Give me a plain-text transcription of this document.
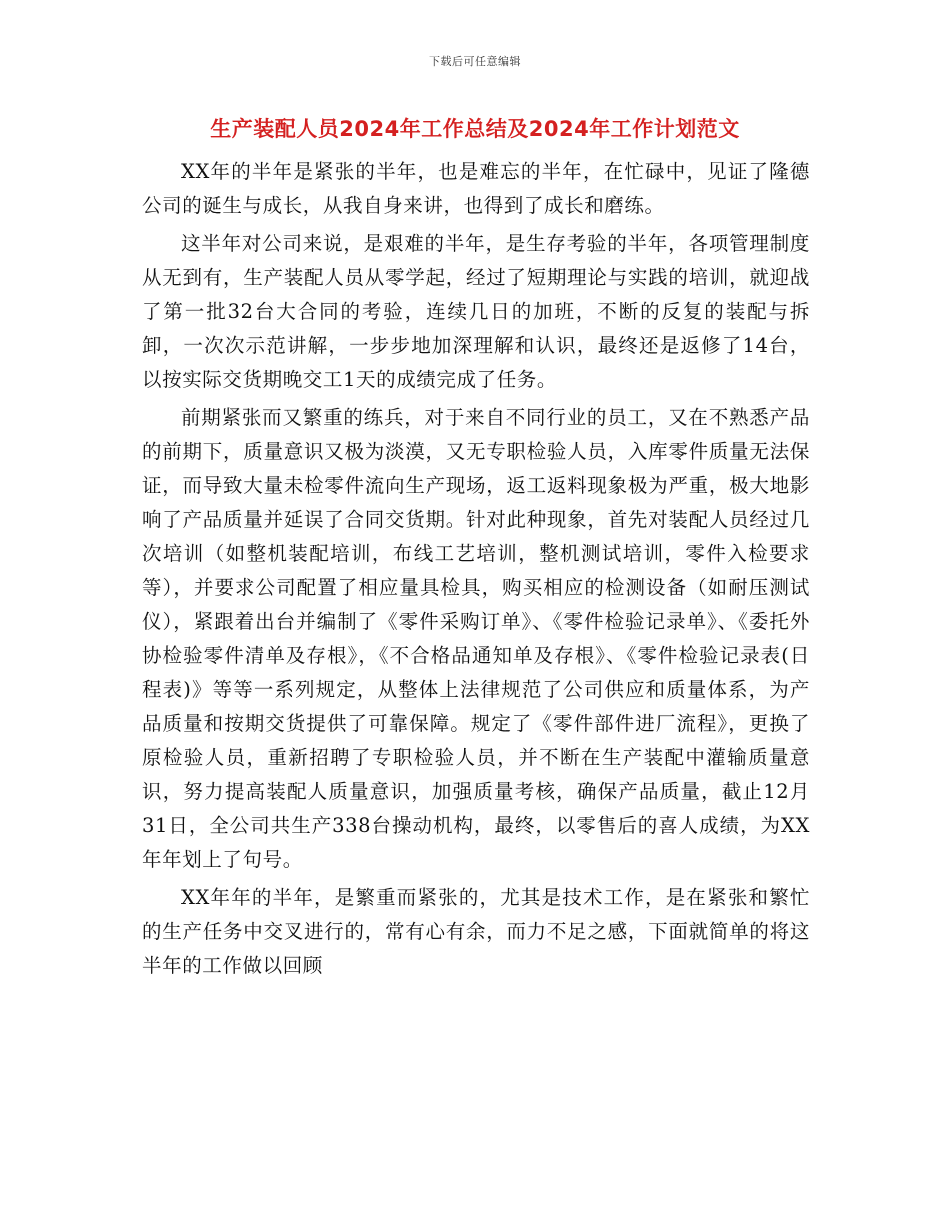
下载后可任意编辑
生产装配人员2024年工作总结及2024年工作计划范文

XX年的半年是紧张的半年，也是难忘的半年，在忙碌中，见证了隆德公司的诞生与成长，从我自身来讲，也得到了成长和磨练。

这半年对公司来说，是艰难的半年，是生存考验的半年，各项管理制度从无到有，生产装配人员从零学起，经过了短期理论与实践的培训，就迎战了第一批32台大合同的考验，连续几日的加班，不断的反复的装配与拆卸，一次次示范讲解，一步步地加深理解和认识，最终还是返修了14台，以按实际交货期晚交工1天的成绩完成了任务。

前期紧张而又繁重的练兵，对于来自不同行业的员工，又在不熟悉产品的前期下，质量意识又极为淡漠，又无专职检验人员，入库零件质量无法保证，而导致大量未检零件流向生产现场，返工返料现象极为严重，极大地影响了产品质量并延误了合同交货期。针对此种现象，首先对装配人员经过几次培训（如整机装配培训，布线工艺培训，整机测试培训，零件入检要求等），并要求公司配置了相应量具检具，购买相应的检测设备（如耐压测试仪），紧跟着出台并编制了《零件采购订单》、《零件检验记录单》、《委托外协检验零件清单及存根》，《不合格品通知单及存根》、《零件检验记录表(日程表)》等等一系列规定，从整体上法律规范了公司供应和质量体系，为产品质量和按期交货提供了可靠保障。规定了《零件部件进厂流程》，更换了原检验人员，重新招聘了专职检验人员，并不断在生产装配中灌输质量意识，努力提高装配人质量意识，加强质量考核，确保产品质量，截止12月31日，全公司共生产338台操动机构，最终，以零售后的喜人成绩，为XX年年划上了句号。

XX年年的半年，是繁重而紧张的，尤其是技术工作，是在紧张和繁忙的生产任务中交叉进行的，常有心有余，而力不足之感，下面就简单的将这半年的工作做以回顾
